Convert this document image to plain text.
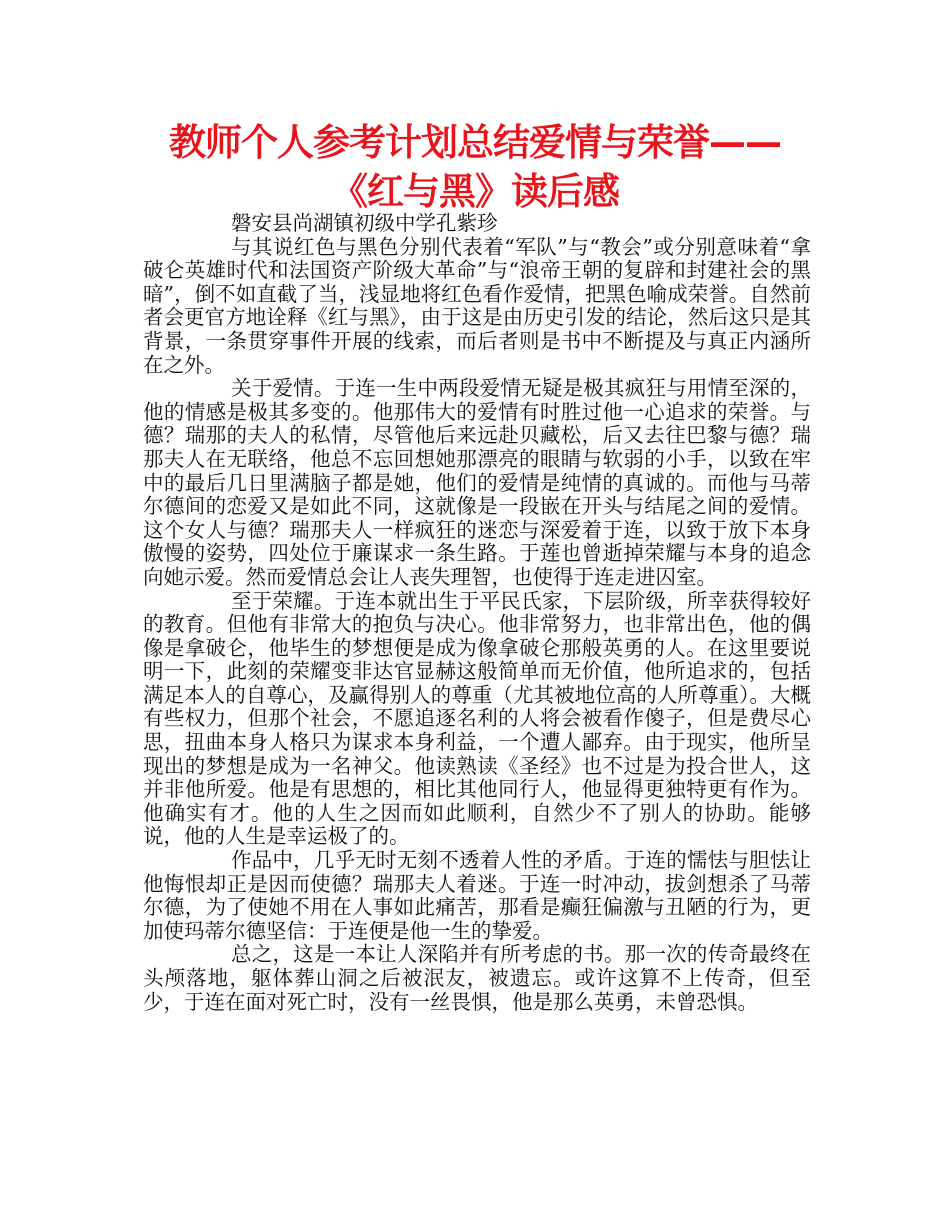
教师个人参考计划总结爱情与荣誉——
《红与黑》读后感

磐安县尚湖镇初级中学孔紫珍

与其说红色与黑色分别代表着“军队”与“教会”或分别意味着“拿破仑英雄时代和法国资产阶级大革命”与“浪帝王朝的复辟和封建社会的黑暗”，倒不如直截了当，浅显地将红色看作爱情，把黑色喻成荣誉。自然前者会更官方地诠释《红与黑》，由于这是由历史引发的结论，然后这只是其背景，一条贯穿事件开展的线索，而后者则是书中不断提及与真正内涵所在之外。

关于爱情。于连一生中两段爱情无疑是极其疯狂与用情至深的，他的情感是极其多变的。他那伟大的爱情有时胜过他一心追求的荣誉。与德？瑞那的夫人的私情，尽管他后来远赴贝藏松，后又去往巴黎与德？瑞那夫人在无联络，他总不忘回想她那漂亮的眼睛与软弱的小手，以致在牢中的最后几日里满脑子都是她，他们的爱情是纯情的真诚的。而他与马蒂尔德间的恋爱又是如此不同，这就像是一段嵌在开头与结尾之间的爱情。这个女人与德？瑞那夫人一样疯狂的迷恋与深爱着于连，以致于放下本身傲慢的姿势，四处位于廉谋求一条生路。于莲也曾逝掉荣耀与本身的追念向她示爱。然而爱情总会让人丧失理智，也使得于连走进囚室。

至于荣耀。于连本就出生于平民氏家，下层阶级，所幸获得较好的教育。但他有非常大的抱负与决心。他非常努力，也非常出色，他的偶像是拿破仑，他毕生的梦想便是成为像拿破仑那般英勇的人。在这里要说明一下，此刻的荣耀变非达官显赫这般简单而无价值，他所追求的，包括满足本人的自尊心，及赢得别人的尊重（尤其被地位高的人所尊重）。大概有些权力，但那个社会，不愿追逐名利的人将会被看作傻子，但是费尽心思，扭曲本身人格只为谋求本身利益，一个遭人鄙弃。由于现实，他所呈现出的梦想是成为一名神父。他读熟读《圣经》也不过是为投合世人，这并非他所爱。他是有思想的，相比其他同行人，他显得更独特更有作为。他确实有才。他的人生之因而如此顺利，自然少不了别人的协助。能够说，他的人生是幸运极了的。

作品中，几乎无时无刻不透着人性的矛盾。于连的懦怯与胆怯让他悔恨却正是因而使德？瑞那夫人着迷。于连一时冲动，拔剑想杀了马蒂尔德，为了使她不用在人事如此痛苦，那看是癫狂偏激与丑陋的行为，更加使玛蒂尔德坚信：于连便是他一生的挚爱。

总之，这是一本让人深陷并有所考虑的书。那一次的传奇最终在头颅落地，躯体葬山洞之后被泯友，被遗忘。或许这算不上传奇，但至少，于连在面对死亡时，没有一丝畏惧，他是那么英勇，未曾恐惧。
